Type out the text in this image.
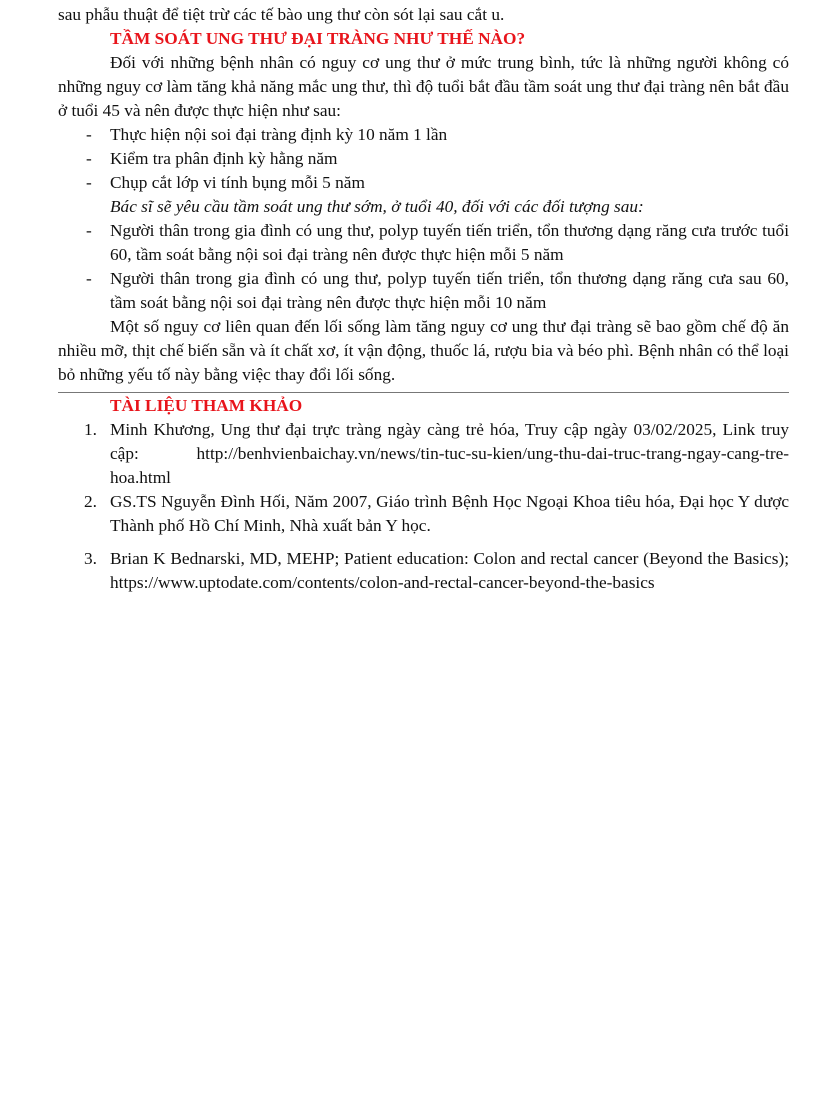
sau phẫu thuật để tiệt trừ các tế bào ung thư còn sót lại sau cắt u.

TẦM SOÁT UNG THƯ ĐẠI TRÀNG NHƯ THẾ NÀO?

Đối với những bệnh nhân có nguy cơ ung thư ở mức trung bình, tức là những người không có những nguy cơ làm tăng khả năng mắc ung thư, thì độ tuổi bắt đầu tầm soát ung thư đại tràng nên bắt đầu ở tuổi 45 và nên được thực hiện như sau:

- Thực hiện nội soi đại tràng định kỳ 10 năm 1 lần
- Kiểm tra phân định kỳ hằng năm
- Chụp cắt lớp vi tính bụng mỗi 5 năm

Bác sĩ sẽ yêu cầu tầm soát ung thư sớm, ở tuổi 40, đối với các đối tượng sau:

- Người thân trong gia đình có ung thư, polyp tuyến tiến triển, tổn thương dạng răng cưa trước tuổi 60, tầm soát bằng nội soi đại tràng nên được thực hiện mỗi 5 năm
- Người thân trong gia đình có ung thư, polyp tuyến tiến triển, tổn thương dạng răng cưa sau 60, tầm soát bằng nội soi đại tràng nên được thực hiện mỗi 10 năm

Một số nguy cơ liên quan đến lối sống làm tăng nguy cơ ung thư đại tràng sẽ bao gồm chế độ ăn nhiều mỡ, thịt chế biến sẵn và ít chất xơ, ít vận động, thuốc lá, rượu bia và béo phì. Bệnh nhân có thể loại bỏ những yếu tố này bằng việc thay đổi lối sống.

TÀI LIỆU THAM KHẢO

1. Minh Khương, Ung thư đại trực tràng ngày càng trẻ hóa, Truy cập ngày 03/02/2025, Link truy cập: http://benhvienbaichay.vn/news/tin-tuc-su-kien/ung-thu-dai-truc-trang-ngay-cang-tre-hoa.html
2. GS.TS Nguyễn Đình Hối, Năm 2007, Giáo trình Bệnh Học Ngoại Khoa tiêu hóa, Đại học Y dược Thành phố Hồ Chí Minh, Nhà xuất bản Y học.
3. Brian K Bednarski, MD, MEHP; Patient education: Colon and rectal cancer (Beyond the Basics); https://www.uptodate.com/contents/colon-and-rectal-cancer-beyond-the-basics
